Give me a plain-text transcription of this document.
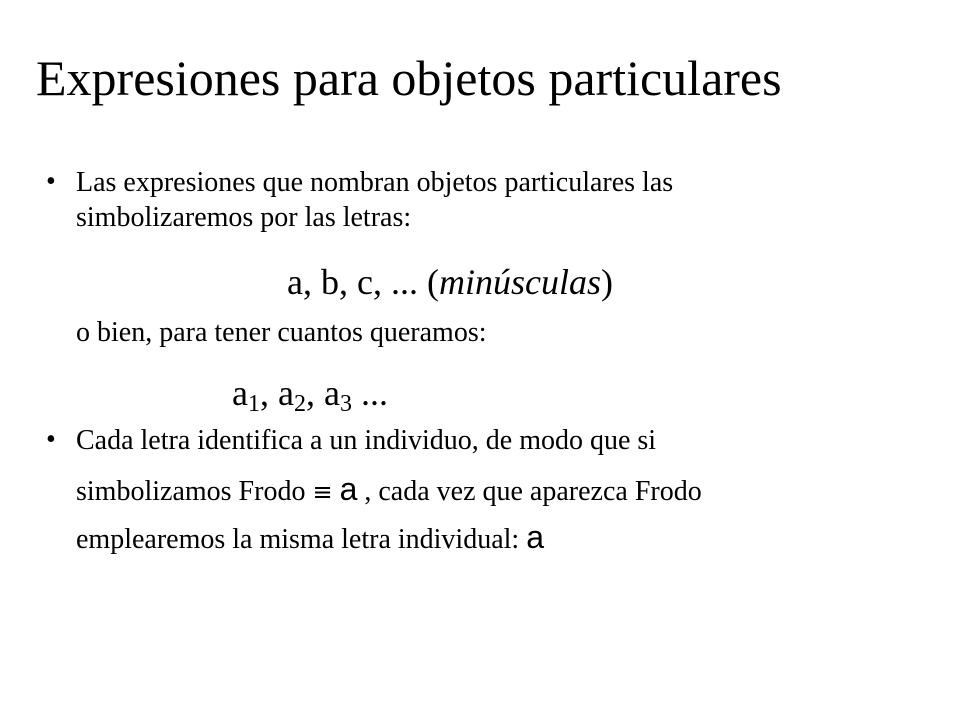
Expresiones para objetos particulares
• Las expresiones que nombran objetos particulares las
simbolizaremos por las letras:
a, b, c, ... (minúsculas)
o bien, para tener cuantos queramos:
$a_1$, $a_2$, $a_3$ ...
• Cada letra identifica a un individuo, de modo que si
simbolizamos Frodo ≡ a , cada vez que aparezca Frodo
emplearemos la misma letra individual: a
